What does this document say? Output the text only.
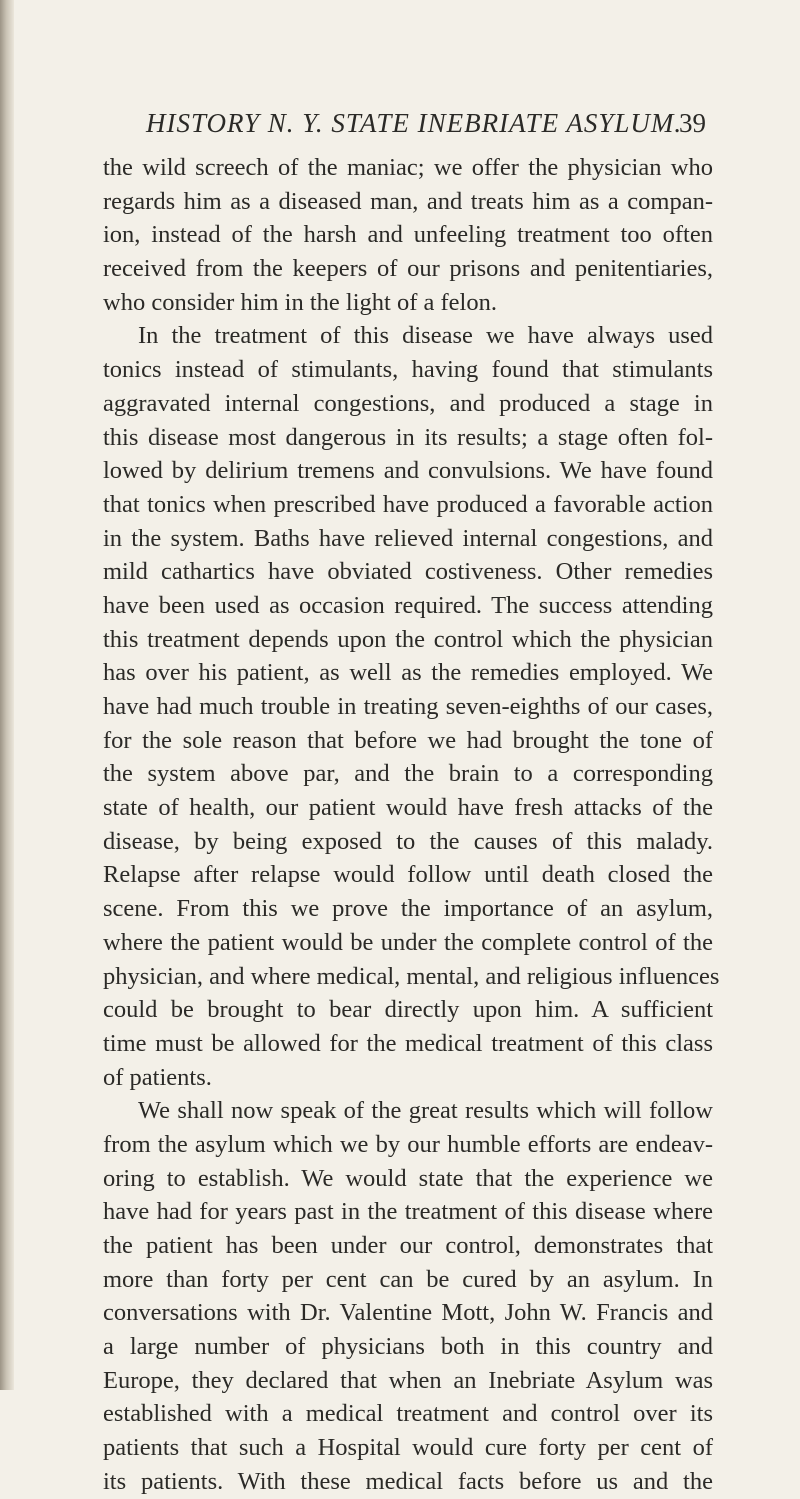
HISTORY N. Y. STATE INEBRIATE ASYLUM.
39
the wild screech of the maniac; we offer the physician who
regards him as a diseased man, and treats him as a compan-
ion, instead of the harsh and unfeeling treatment too often
received from the keepers of our prisons and penitentiaries,
who consider him in the light of a felon.
In the treatment of this disease we have always used
tonics instead of stimulants, having found that stimulants
aggravated internal congestions, and produced a stage in
this disease most dangerous in its results; a stage often fol-
lowed by delirium tremens and convulsions. We have found
that tonics when prescribed have produced a favorable action
in the system. Baths have relieved internal congestions, and
mild cathartics have obviated costiveness. Other remedies
have been used as occasion required. The success attending
this treatment depends upon the control which the physician
has over his patient, as well as the remedies employed. We
have had much trouble in treating seven-eighths of our cases,
for the sole reason that before we had brought the tone of
the system above par, and the brain to a corresponding
state of health, our patient would have fresh attacks of the
disease, by being exposed to the causes of this malady.
Relapse after relapse would follow until death closed the
scene. From this we prove the importance of an asylum,
where the patient would be under the complete control of the
physician, and where medical, mental, and religious influences
could be brought to bear directly upon him. A sufficient
time must be allowed for the medical treatment of this class
of patients.
We shall now speak of the great results which will follow
from the asylum which we by our humble efforts are endeav-
oring to establish. We would state that the experience we
have had for years past in the treatment of this disease where
the patient has been under our control, demonstrates that
more than forty per cent can be cured by an asylum. In
conversations with Dr. Valentine Mott, John W. Francis and
a large number of physicians both in this country and
Europe, they declared that when an Inebriate Asylum was
established with a medical treatment and control over its
patients that such a Hospital would cure forty per cent of
its patients. With these medical facts before us and the
